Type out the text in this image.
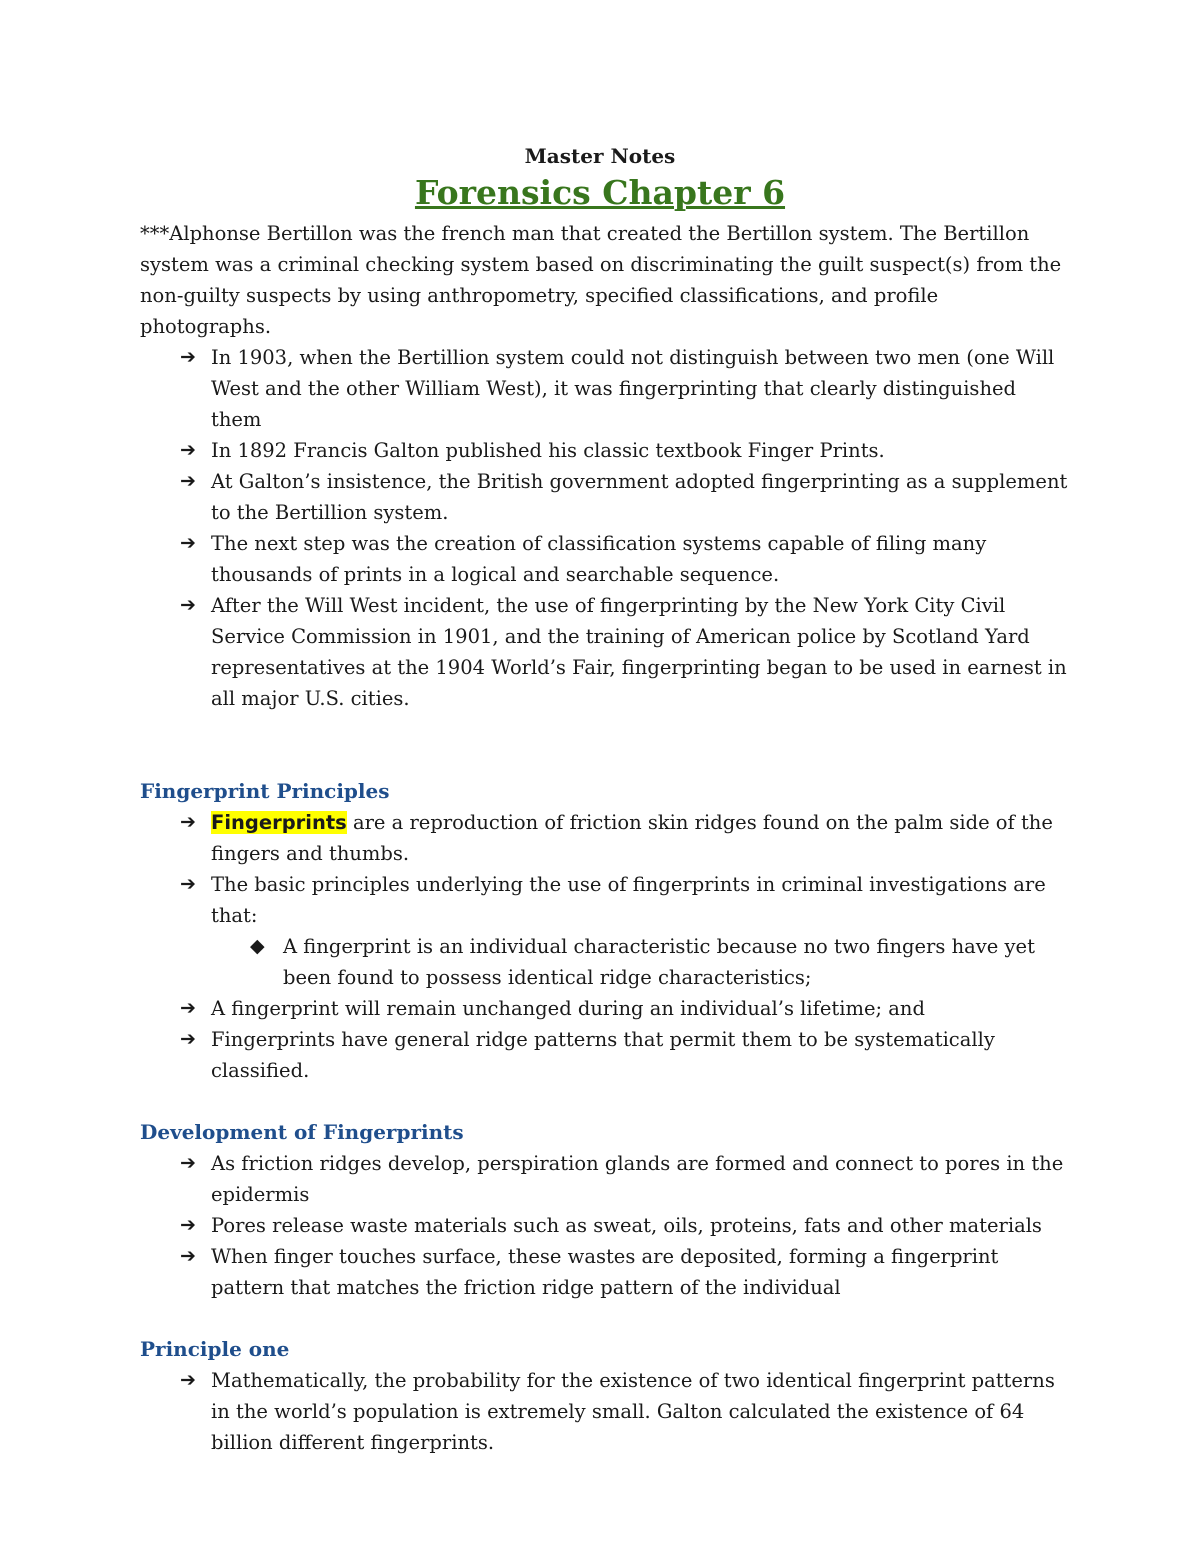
Master Notes
Forensics Chapter 6

***Alphonse Bertillon was the french man that created the Bertillon system. The Bertillon system was a criminal checking system based on discriminating the guilt suspect(s) from the non-guilty suspects by using anthropometry, specified classifications, and profile photographs.

➔ In 1903, when the Bertillion system could not distinguish between two men (one Will West and the other William West), it was fingerprinting that clearly distinguished them
➔ In 1892 Francis Galton published his classic textbook Finger Prints.
➔ At Galton’s insistence, the British government adopted fingerprinting as a supplement to the Bertillion system.
➔ The next step was the creation of classification systems capable of filing many thousands of prints in a logical and searchable sequence.
➔ After the Will West incident, the use of fingerprinting by the New York City Civil Service Commission in 1901, and the training of American police by Scotland Yard representatives at the 1904 World’s Fair, fingerprinting began to be used in earnest in all major U.S. cities.
Fingerprint Principles
➔ Fingerprints are a reproduction of friction skin ridges found on the palm side of the fingers and thumbs.
➔ The basic principles underlying the use of fingerprints in criminal investigations are that:
◆ A fingerprint is an individual characteristic because no two fingers have yet been found to possess identical ridge characteristics;
➔ A fingerprint will remain unchanged during an individual’s lifetime; and
➔ Fingerprints have general ridge patterns that permit them to be systematically classified.
Development of Fingerprints
➔ As friction ridges develop, perspiration glands are formed and connect to pores in the epidermis
➔ Pores release waste materials such as sweat, oils, proteins, fats and other materials
➔ When finger touches surface, these wastes are deposited, forming a fingerprint pattern that matches the friction ridge pattern of the individual
Principle one
➔ Mathematically, the probability for the existence of two identical fingerprint patterns in the world’s population is extremely small. Galton calculated the existence of 64 billion different fingerprints.
